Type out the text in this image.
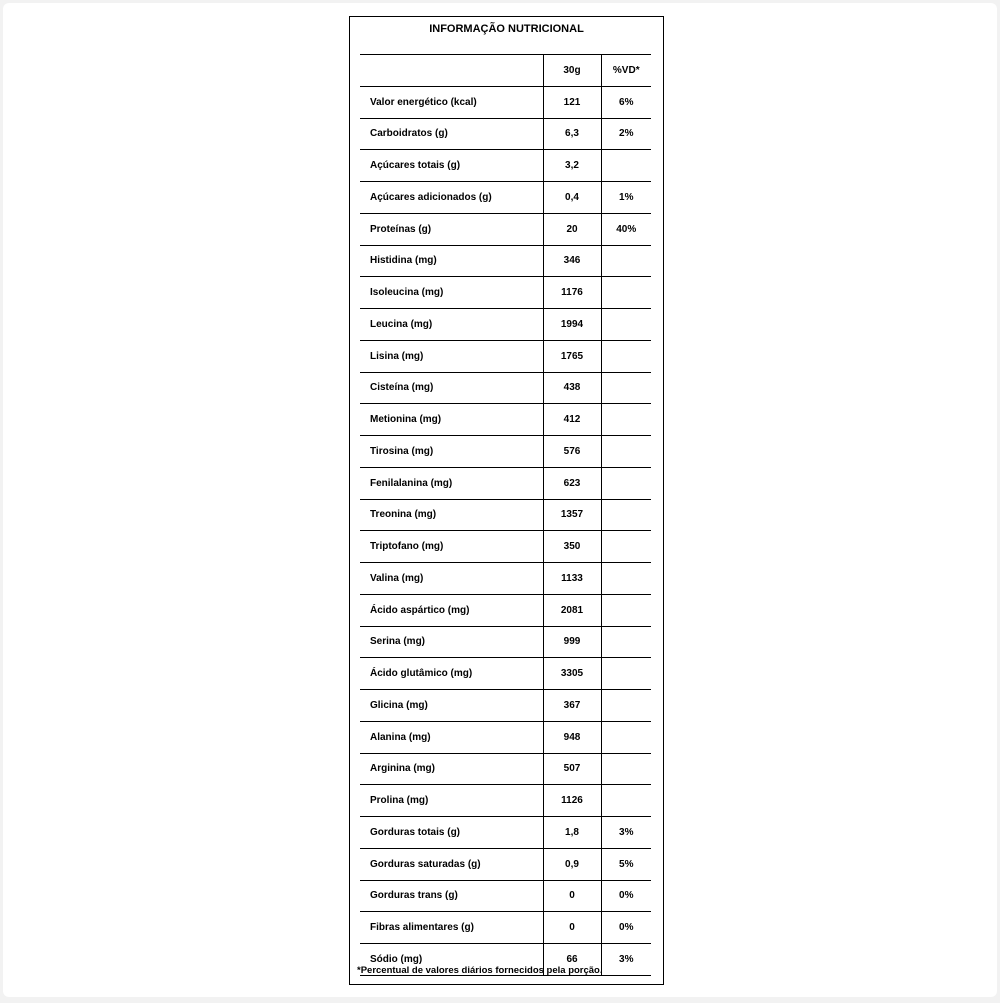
INFORMAÇÃO NUTRICIONAL
	30g	%VD*
Valor energético (kcal)	121	6%
Carboidratos (g)	6,3	2%
Açúcares totais (g)	3,2	
Açúcares adicionados (g)	0,4	1%
Proteínas (g)	20	40%
Histidina (mg)	346	
Isoleucina (mg)	1176	
Leucina (mg)	1994	
Lisina (mg)	1765	
Cisteína (mg)	438	
Metionina (mg)	412	
Tirosina (mg)	576	
Fenilalanina (mg)	623	
Treonina (mg)	1357	
Triptofano (mg)	350	
Valina (mg)	1133	
Ácido aspártico (mg)	2081	
Serina (mg)	999	
Ácido glutâmico (mg)	3305	
Glicina (mg)	367	
Alanina (mg)	948	
Arginina (mg)	507	
Prolina (mg)	1126	
Gorduras totais (g)	1,8	3%
Gorduras saturadas (g)	0,9	5%
Gorduras trans (g)	0	0%
Fibras alimentares (g)	0	0%
Sódio (mg)	66	3%
*Percentual de valores diários fornecidos pela porção.
